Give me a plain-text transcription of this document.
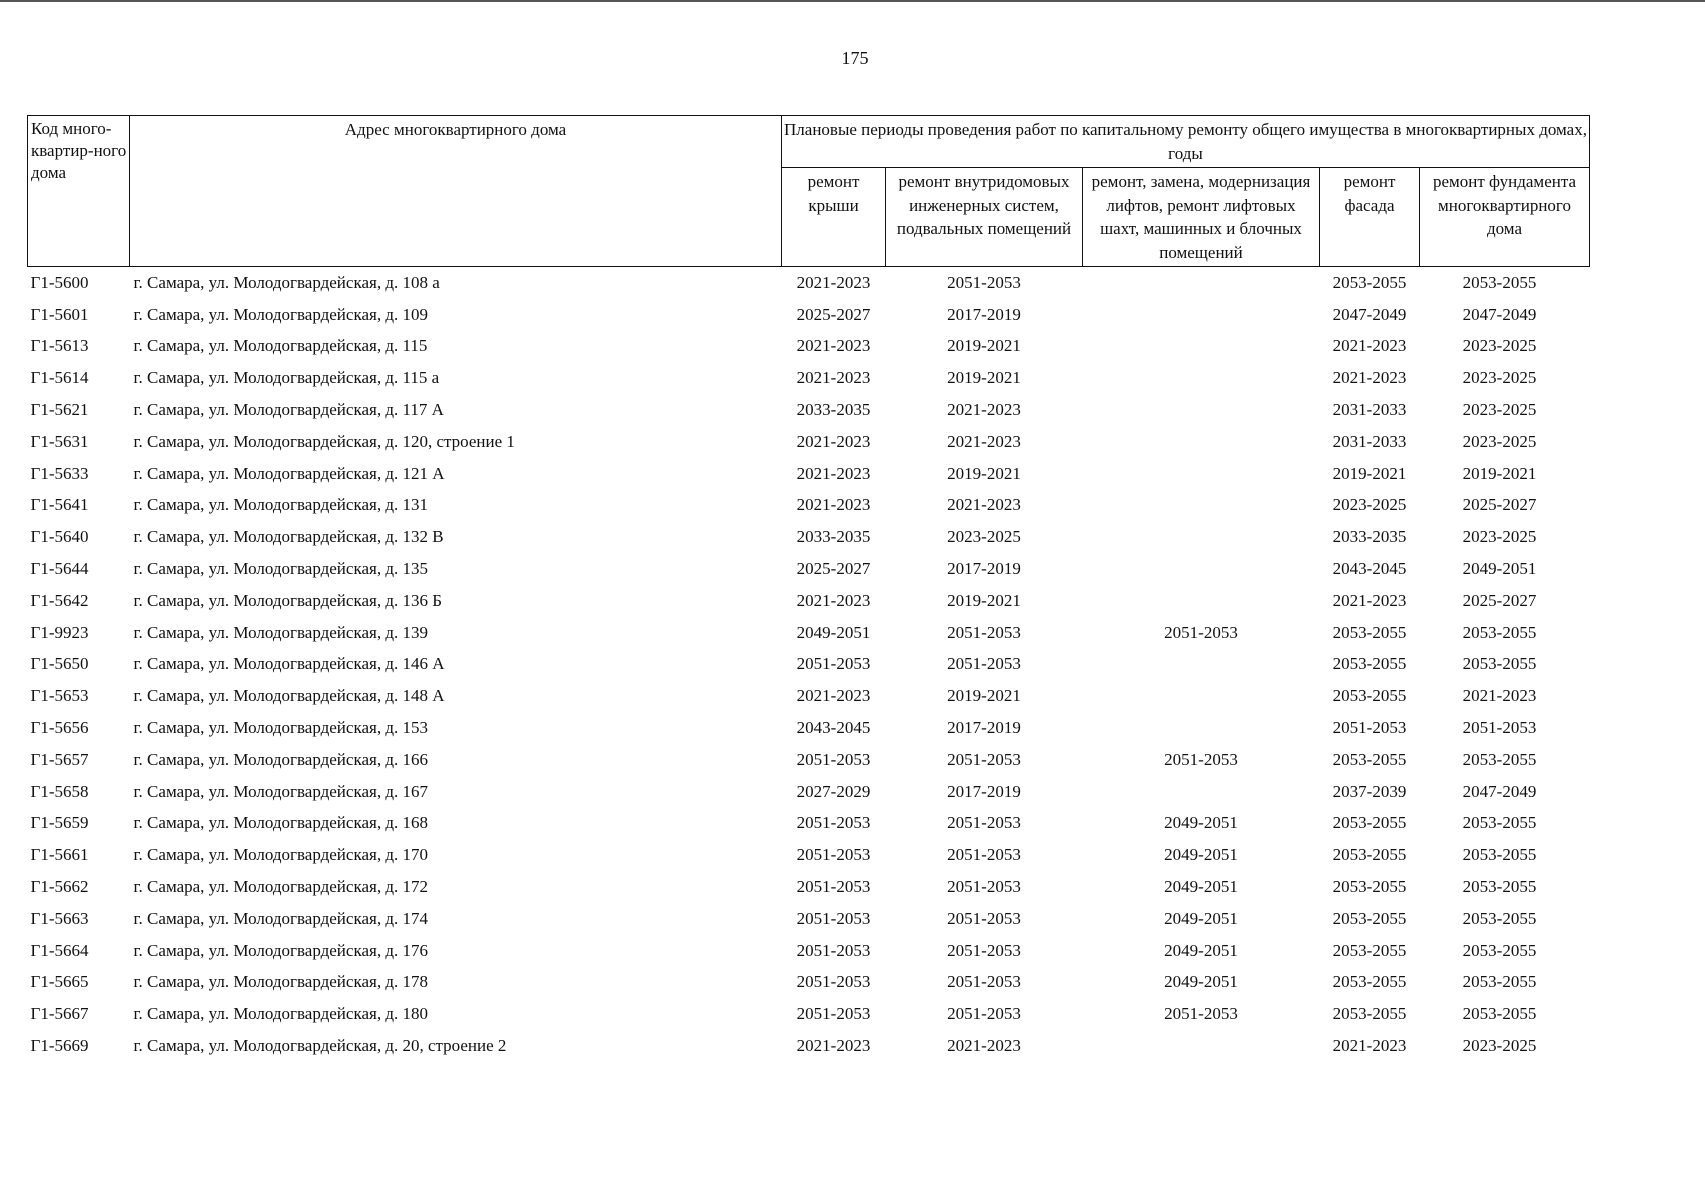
175
Код много-квартир-ного дома	Адрес многоквартирного дома	Плановые периоды проведения работ по капитальному ремонту общего имущества в многоквартирных домах, годы				
		ремонт крыши	ремонт внутридомовых инженерных систем, подвальных помещений	ремонт, замена, модернизация лифтов, ремонт лифтовых шахт, машинных и блочных помещений	ремонт фасада	ремонт фундамента многоквартирного дома
Г1-5600	г. Самара, ул. Молодогвардейская, д. 108 а	2021-2023	2051-2053		2053-2055	2053-2055
Г1-5601	г. Самара, ул. Молодогвардейская, д. 109	2025-2027	2017-2019		2047-2049	2047-2049
Г1-5613	г. Самара, ул. Молодогвардейская, д. 115	2021-2023	2019-2021		2021-2023	2023-2025
Г1-5614	г. Самара, ул. Молодогвардейская, д. 115 а	2021-2023	2019-2021		2021-2023	2023-2025
Г1-5621	г. Самара, ул. Молодогвардейская, д. 117 А	2033-2035	2021-2023		2031-2033	2023-2025
Г1-5631	г. Самара, ул. Молодогвардейская, д. 120, строение 1	2021-2023	2021-2023		2031-2033	2023-2025
Г1-5633	г. Самара, ул. Молодогвардейская, д. 121 А	2021-2023	2019-2021		2019-2021	2019-2021
Г1-5641	г. Самара, ул. Молодогвардейская, д. 131	2021-2023	2021-2023		2023-2025	2025-2027
Г1-5640	г. Самара, ул. Молодогвардейская, д. 132 В	2033-2035	2023-2025		2033-2035	2023-2025
Г1-5644	г. Самара, ул. Молодогвардейская, д. 135	2025-2027	2017-2019		2043-2045	2049-2051
Г1-5642	г. Самара, ул. Молодогвардейская, д. 136 Б	2021-2023	2019-2021		2021-2023	2025-2027
Г1-9923	г. Самара, ул. Молодогвардейская, д. 139	2049-2051	2051-2053	2051-2053	2053-2055	2053-2055
Г1-5650	г. Самара, ул. Молодогвардейская, д. 146 А	2051-2053	2051-2053		2053-2055	2053-2055
Г1-5653	г. Самара, ул. Молодогвардейская, д. 148 А	2021-2023	2019-2021		2053-2055	2021-2023
Г1-5656	г. Самара, ул. Молодогвардейская, д. 153	2043-2045	2017-2019		2051-2053	2051-2053
Г1-5657	г. Самара, ул. Молодогвардейская, д. 166	2051-2053	2051-2053	2051-2053	2053-2055	2053-2055
Г1-5658	г. Самара, ул. Молодогвардейская, д. 167	2027-2029	2017-2019		2037-2039	2047-2049
Г1-5659	г. Самара, ул. Молодогвардейская, д. 168	2051-2053	2051-2053	2049-2051	2053-2055	2053-2055
Г1-5661	г. Самара, ул. Молодогвардейская, д. 170	2051-2053	2051-2053	2049-2051	2053-2055	2053-2055
Г1-5662	г. Самара, ул. Молодогвардейская, д. 172	2051-2053	2051-2053	2049-2051	2053-2055	2053-2055
Г1-5663	г. Самара, ул. Молодогвардейская, д. 174	2051-2053	2051-2053	2049-2051	2053-2055	2053-2055
Г1-5664	г. Самара, ул. Молодогвардейская, д. 176	2051-2053	2051-2053	2049-2051	2053-2055	2053-2055
Г1-5665	г. Самара, ул. Молодогвардейская, д. 178	2051-2053	2051-2053	2049-2051	2053-2055	2053-2055
Г1-5667	г. Самара, ул. Молодогвардейская, д. 180	2051-2053	2051-2053	2051-2053	2053-2055	2053-2055
Г1-5669	г. Самара, ул. Молодогвардейская, д. 20, строение 2	2021-2023	2021-2023		2021-2023	2023-2025
